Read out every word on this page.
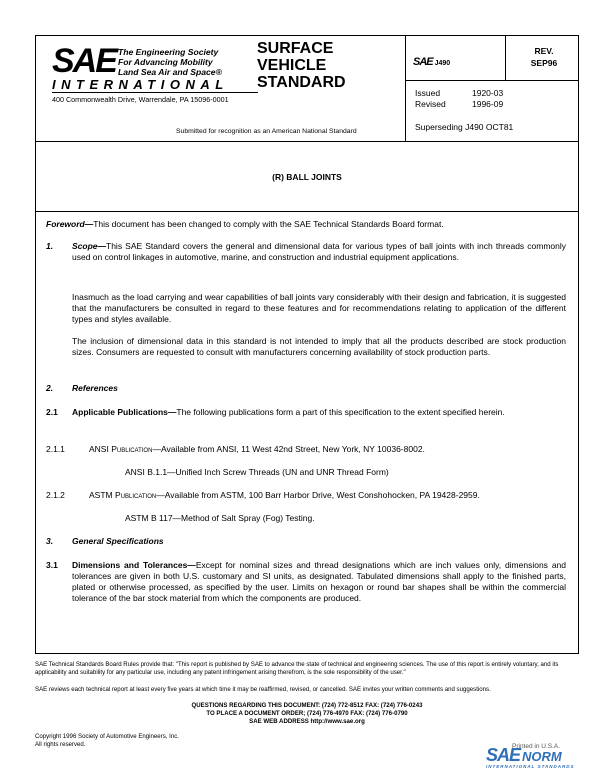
SAE The Engineering Society
For Advancing Mobility
Land Sea Air and Space®
INTERNATIONAL
400 Commonwealth Drive, Warrendale, PA 15096-0001
SURFACE
VEHICLE
STANDARD
Submitted for recognition as an American National Standard
SAE J490
REV.
SEP96
Issued	1920-03
Revised	1996-09
Superseding J490 OCT81
(R) BALL JOINTS
Foreword—This document has been changed to comply with the SAE Technical Standards Board format.
1. Scope—This SAE Standard covers the general and dimensional data for various types of ball joints with inch threads commonly used on control linkages in automotive, marine, and construction and industrial equipment applications.
Inasmuch as the load carrying and wear capabilities of ball joints vary considerably with their design and fabrication, it is suggested that the manufacturers be consulted in regard to these features and for recommendations relating to application of the different types and styles available.
The inclusion of dimensional data in this standard is not intended to imply that all the products described are stock production sizes. Consumers are requested to consult with manufacturers concerning availability of stock production parts.
2. References
2.1 Applicable Publications—The following publications form a part of this specification to the extent specified herein.
2.1.1	ANSI Publication—Available from ANSI, 11 West 42nd Street, New York, NY 10036-8002.
ANSI B.1.1—Unified Inch Screw Threads (UN and UNR Thread Form)
2.1.2	ASTM Publication—Available from ASTM, 100 Barr Harbor Drive, West Conshohocken, PA 19428-2959.
ASTM B 117—Method of Salt Spray (Fog) Testing.
3. General Specifications
3.1 Dimensions and Tolerances—Except for nominal sizes and thread designations which are inch values only, dimensions and tolerances are given in both U.S. customary and SI units, as designated. Tabulated dimensions shall apply to the finished parts, plated or otherwise processed, as specified by the user. Limits on hexagon or round bar shapes shall be within the commercial tolerance of the bar stock material from which the components are produced.
SAE Technical Standards Board Rules provide that: "This report is published by SAE to advance the state of technical and engineering sciences. The use of this report is entirely voluntary, and its applicability and suitability for any particular use, including any patent infringement arising therefrom, is the sole responsibility of the user."
SAE reviews each technical report at least every five years at which time it may be reaffirmed, revised, or cancelled. SAE invites your written comments and suggestions.
QUESTIONS REGARDING THIS DOCUMENT: (724) 772-8512 FAX: (724) 776-0243
TO PLACE A DOCUMENT ORDER; (724) 776-4970 FAX: (724) 776-0790
SAE WEB ADDRESS http://www.sae.org
Copyright 1996 Society of Automotive Engineers, Inc.
All rights reserved.	Printed in U.S.A.
SAE NORM
INTERNATIONAL STANDARDS
